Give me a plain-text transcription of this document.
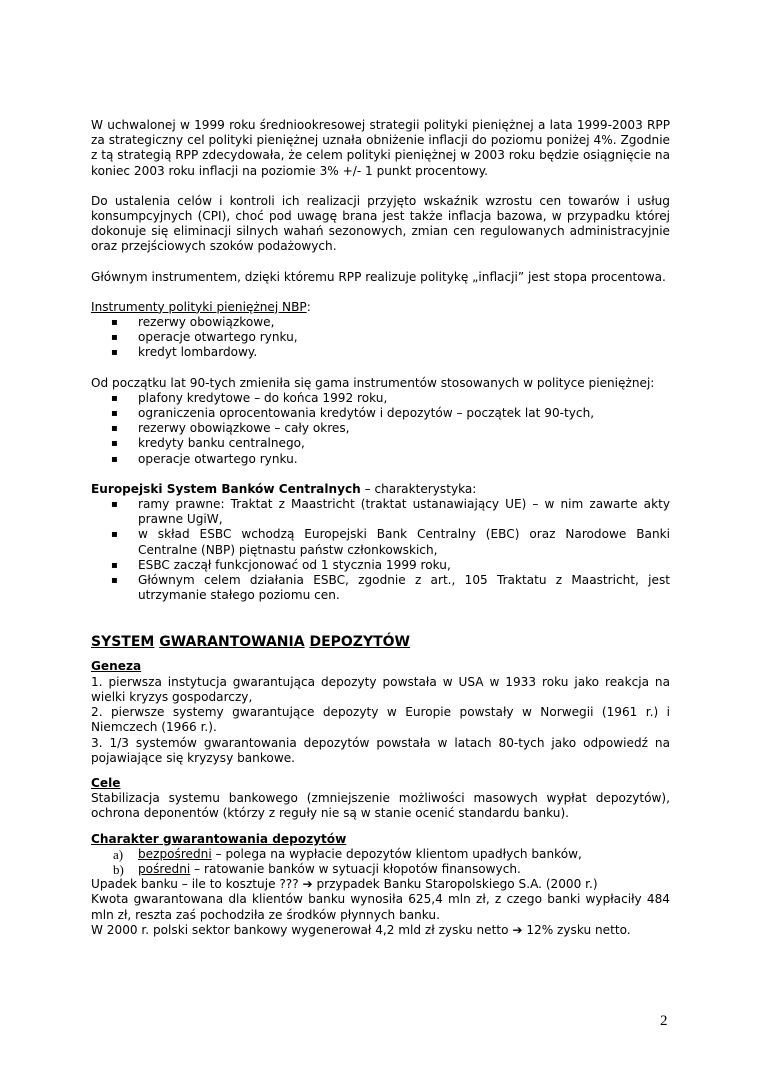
W uchwalonej w 1999 roku średniookresowej strategii polityki pieniężnej a lata 1999-2003 RPP za strategiczny cel polityki pieniężnej uznała obniżenie inflacji do poziomu poniżej 4%. Zgodnie z tą strategią RPP zdecydowała, że celem polityki pieniężnej w 2003 roku będzie osiągnięcie na koniec 2003 roku inflacji na poziomie 3% +/- 1 punkt procentowy.

Do ustalenia celów i kontroli ich realizacji przyjęto wskaźnik wzrostu cen towarów i usług konsumpcyjnych (CPI), choć pod uwagę brana jest także inflacja bazowa, w przypadku której dokonuje się eliminacji silnych wahań sezonowych, zmian cen regulowanych administracyjnie oraz przejściowych szoków podażowych.

Głównym instrumentem, dzięki któremu RPP realizuje politykę „inflacji” jest stopa procentowa.

Instrumenty polityki pieniężnej NBP:

▪ rezerwy obowiązkowe,
▪ operacje otwartego rynku,
▪ kredyt lombardowy.

Od początku lat 90-tych zmieniła się gama instrumentów stosowanych w polityce pieniężnej:

▪ plafony kredytowe – do końca 1992 roku,
▪ ograniczenia oprocentowania kredytów i depozytów – początek lat 90-tych,
▪ rezerwy obowiązkowe – cały okres,
▪ kredyty banku centralnego,
▪ operacje otwartego rynku.

Europejski System Banków Centralnych – charakterystyka:

▪ ramy prawne: Traktat z Maastricht (traktat ustanawiający UE) – w nim zawarte akty prawne UgiW,
▪ w skład ESBC wchodzą Europejski Bank Centralny (EBC) oraz Narodowe Banki Centralne (NBP) piętnastu państw członkowskich,
▪ ESBC zaczął funkcjonować od 1 stycznia 1999 roku,
▪ Głównym celem działania ESBC, zgodnie z art., 105 Traktatu z Maastricht, jest utrzymanie stałego poziomu cen.
SYSTEM GWARANTOWANIA DEPOZYTÓW
Geneza

1. pierwsza instytucja gwarantująca depozyty powstała w USA w 1933 roku jako reakcja na wielki kryzys gospodarczy,

2. pierwsze systemy gwarantujące depozyty w Europie powstały w Norwegii (1961 r.) i Niemczech (1966 r.).

3. 1/3 systemów gwarantowania depozytów powstała w latach 80-tych jako odpowiedź na pojawiające się kryzysy bankowe.

Cele

Stabilizacja systemu bankowego (zmniejszenie możliwości masowych wypłat depozytów), ochrona deponentów (którzy z reguły nie są w stanie ocenić standardu banku).

Charakter gwarantowania depozytów
a) bezpośredni – polega na wypłacie depozytów klientom upadłych banków,
b) pośredni – ratowanie banków w sytuacji kłopotów finansowych.

Upadek banku – ile to kosztuje ??? ➔ przypadek Banku Staropolskiego S.A. (2000 r.)

Kwota gwarantowana dla klientów banku wynosiła 625,4 mln zł, z czego banki wypłaciły 484 mln zł, reszta zaś pochodziła ze środków płynnych banku.

W 2000 r. polski sektor bankowy wygenerował 4,2 mld zł zysku netto ➔ 12% zysku netto.

2
